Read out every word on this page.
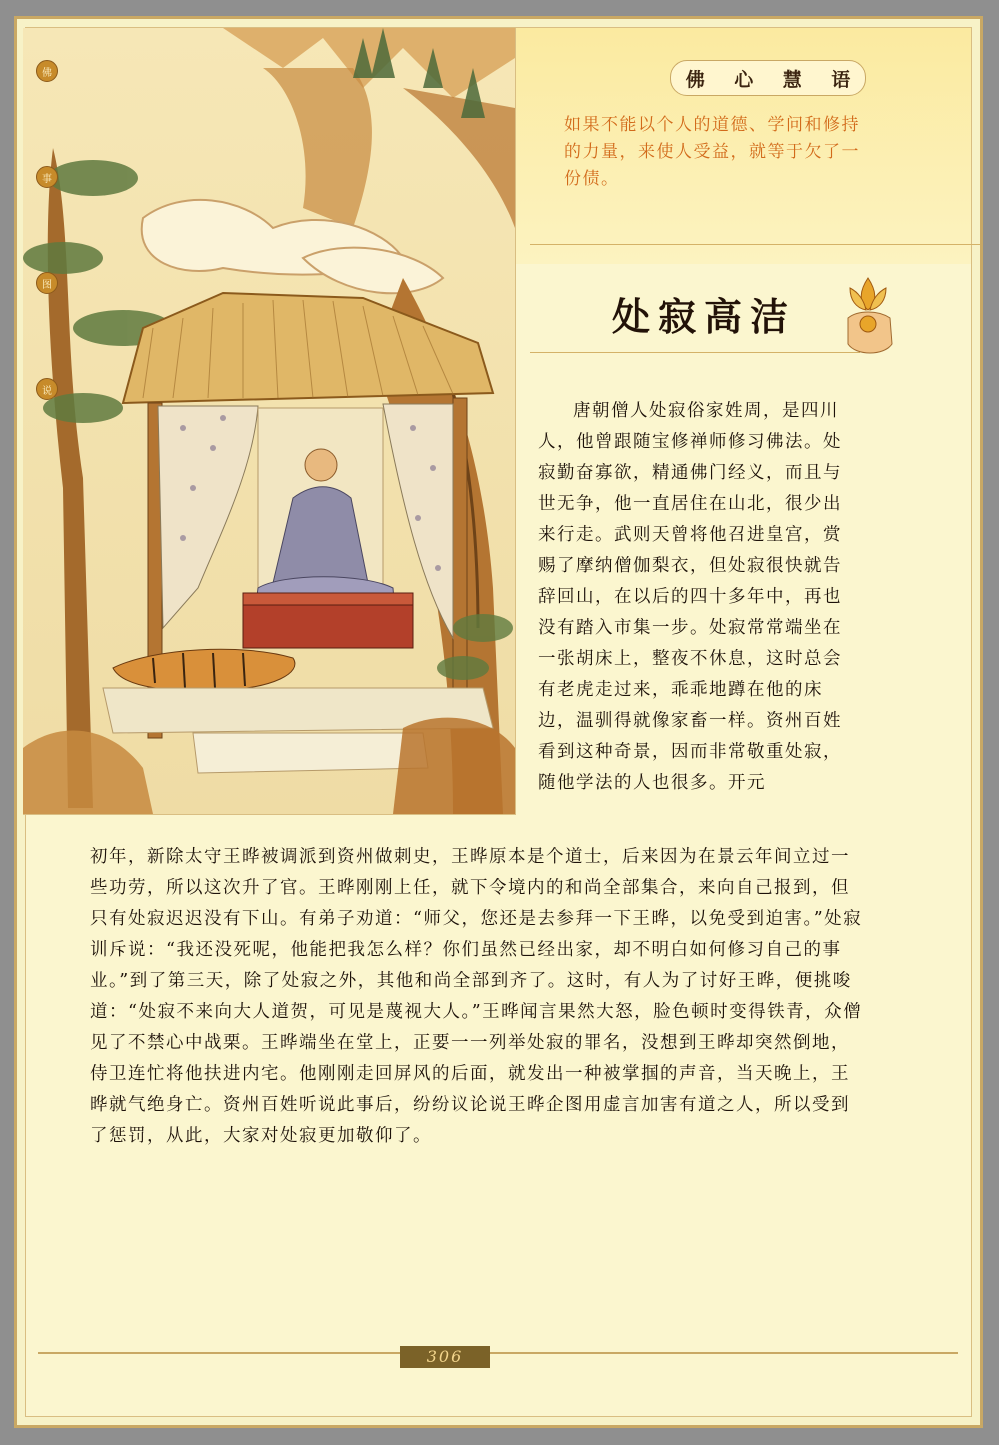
佛
事
图
说
佛 心 慧 语
如果不能以个人的道德、学问和修持的力量，来使人受益，就等于欠了一份债。
处寂高洁

唐朝僧人处寂俗家姓周，是四川人，他曾跟随宝修禅师修习佛法。处寂勤奋寡欲，精通佛门经义，而且与世无争，他一直居住在山北，很少出来行走。武则天曾将他召进皇宫，赏赐了摩纳僧伽梨衣，但处寂很快就告辞回山，在以后的四十多年中，再也没有踏入市集一步。处寂常常端坐在一张胡床上，整夜不休息，这时总会有老虎走过来，乖乖地蹲在他的床边，温驯得就像家畜一样。资州百姓看到这种奇景，因而非常敬重处寂，随他学法的人也很多。开元

初年，新除太守王晔被调派到资州做刺史，王晔原本是个道士，后来因为在景云年间立过一些功劳，所以这次升了官。王晔刚刚上任，就下令境内的和尚全部集合，来向自己报到，但只有处寂迟迟没有下山。有弟子劝道：“师父，您还是去参拜一下王晔，以免受到迫害。”处寂训斥说：“我还没死呢，他能把我怎么样？你们虽然已经出家，却不明白如何修习自己的事业。”到了第三天，除了处寂之外，其他和尚全部到齐了。这时，有人为了讨好王晔，便挑唆道：“处寂不来向大人道贺，可见是蔑视大人。”王晔闻言果然大怒，脸色顿时变得铁青，众僧见了不禁心中战栗。王晔端坐在堂上，正要一一列举处寂的罪名，没想到王晔却突然倒地，侍卫连忙将他扶进内宅。他刚刚走回屏风的后面，就发出一种被掌掴的声音，当天晚上，王晔就气绝身亡。资州百姓听说此事后，纷纷议论说王晔企图用虚言加害有道之人，所以受到了惩罚，从此，大家对处寂更加敬仰了。

306
